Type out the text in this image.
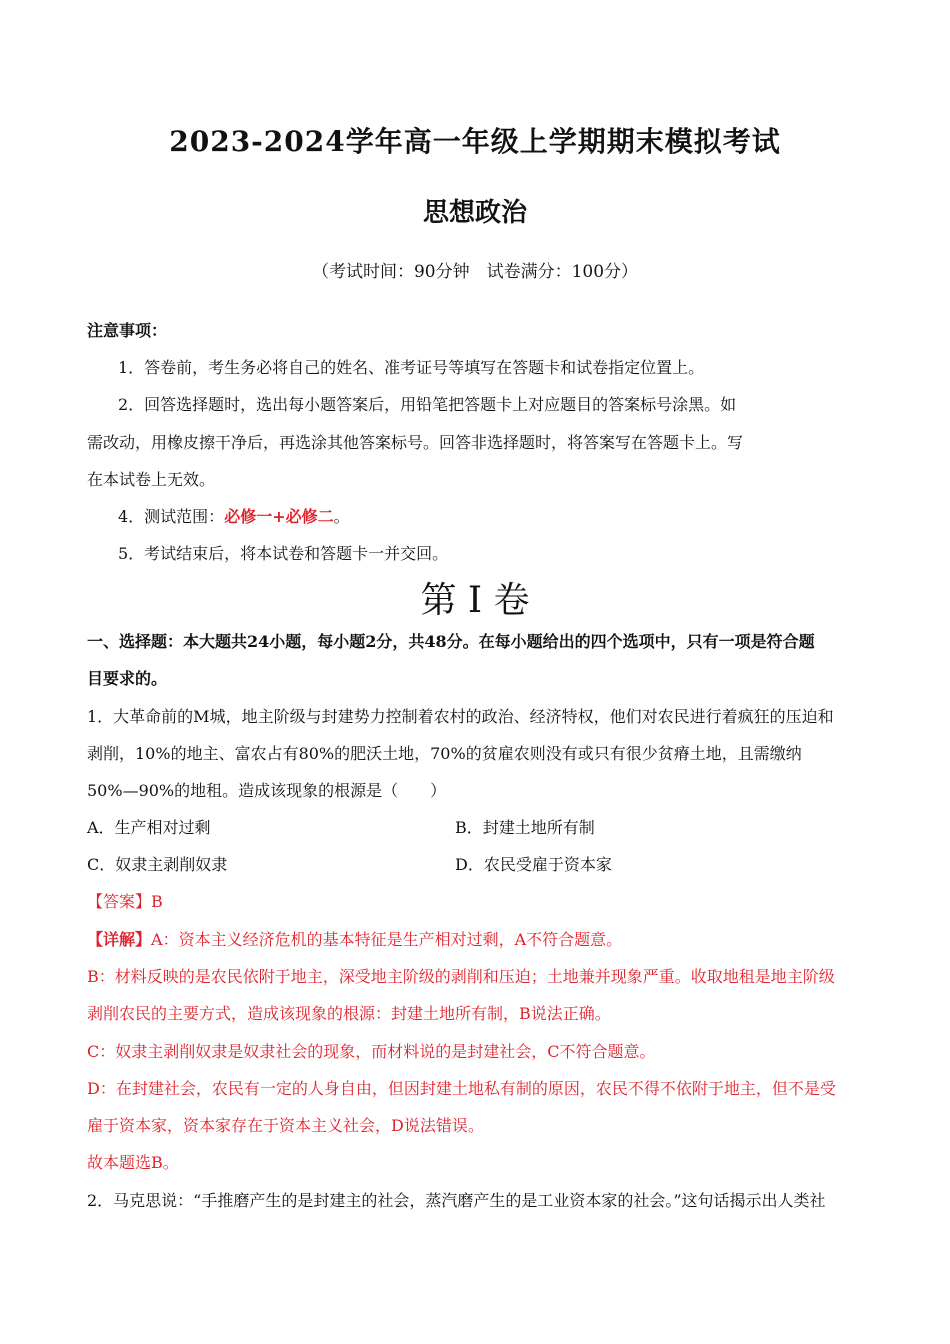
2023-2024学年高一年级上学期期末模拟考试
思想政治
（考试时间：90分钟　试卷满分：100分）
注意事项：
1．答卷前，考生务必将自己的姓名、准考证号等填写在答题卡和试卷指定位置上。
2．回答选择题时，选出每小题答案后，用铅笔把答题卡上对应题目的答案标号涂黑。如
需改动，用橡皮擦干净后，再选涂其他答案标号。回答非选择题时，将答案写在答题卡上。写
在本试卷上无效。
4．测试范围：必修一+必修二。
5．考试结束后，将本试卷和答题卡一并交回。
第 I 卷
一、选择题：本大题共24小题，每小题2分，共48分。在每小题给出的四个选项中，只有一项是符合题
目要求的。
1．大革命前的M城，地主阶级与封建势力控制着农村的政治、经济特权，他们对农民进行着疯狂的压迫和
剥削，10%的地主、富农占有80%的肥沃土地，70%的贫雇农则没有或只有很少贫瘠土地，且需缴纳
50%—90%的地租。造成该现象的根源是（　　）
A．生产相对过剩	B．封建土地所有制
C．奴隶主剥削奴隶	D．农民受雇于资本家
【答案】B
【详解】A：资本主义经济危机的基本特征是生产相对过剩，A不符合题意。
B：材料反映的是农民依附于地主，深受地主阶级的剥削和压迫；土地兼并现象严重。收取地租是地主阶级
剥削农民的主要方式，造成该现象的根源：封建土地所有制，B说法正确。
C：奴隶主剥削奴隶是奴隶社会的现象，而材料说的是封建社会，C不符合题意。
D：在封建社会，农民有一定的人身自由，但因封建土地私有制的原因，农民不得不依附于地主，但不是受
雇于资本家，资本家存在于资本主义社会，D说法错误。
故本题选B。
2．马克思说：“手推磨产生的是封建主的社会，蒸汽磨产生的是工业资本家的社会。”这句话揭示出人类社
